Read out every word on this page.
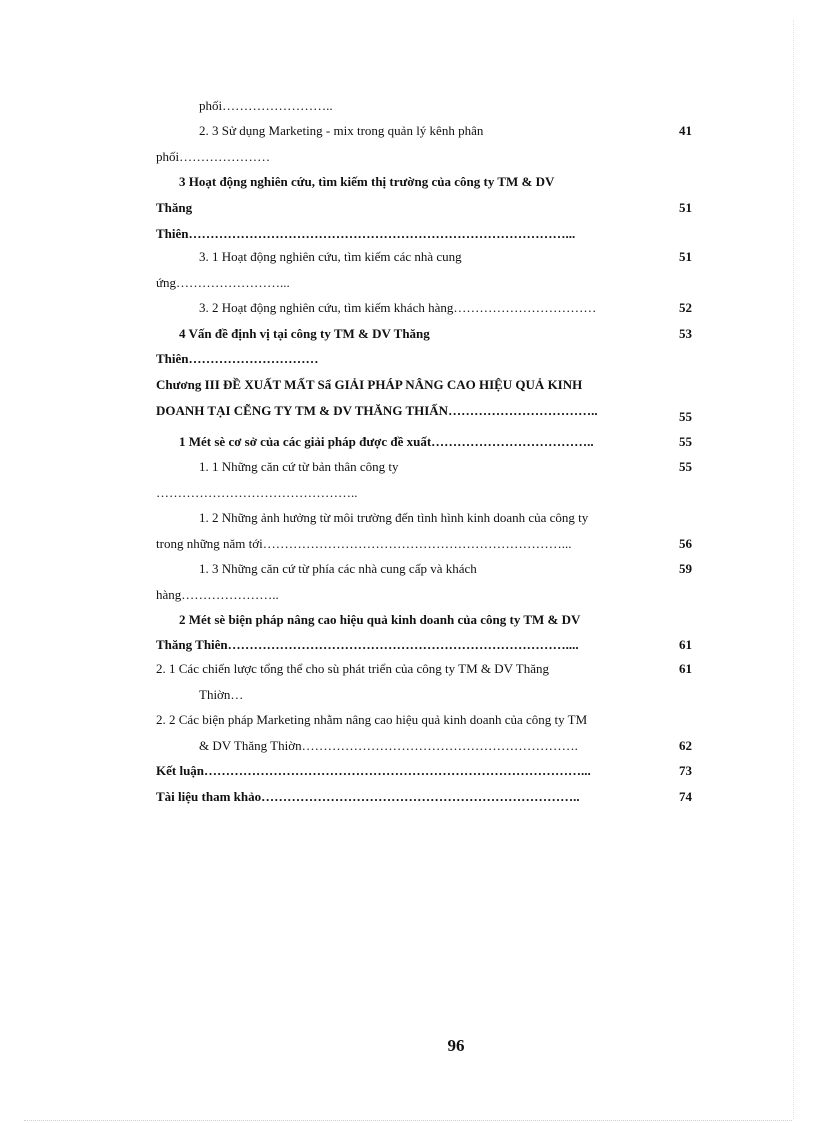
phối……………………..
2. 3 Sử dụng Marketing - mix trong quản lý kênh phân	41
phối…………………
3 Hoạt động nghiên cứu, tìm kiếm thị trường của công ty TM & DV
Thăng	51
Thiên……………………………………………………………………………...
3. 1 Hoạt động nghiên cứu, tìm kiếm các nhà cung	51
ứng……………………...
3. 2 Hoạt động nghiên cứu, tìm kiếm khách hàng……………………………	52
4 Vấn đề định vị tại công ty TM & DV Thăng	53
Thiên…………………………
Chương III ĐỀ XUẤT MẤT Sẩ GIẢI PHÁP NÂNG CAO HIỆU QUẢ KINH
DOANH TẠI CẼNG TY TM & DV THĂNG THIẤN……………………………..	55
1 Mét sè cơ sở của các giải pháp được đề xuất………………………………..	55
1. 1 Những căn cứ từ bản thân công ty	55
………………………………………..
1. 2 Những ảnh hưởng từ môi trường đến tình hình kinh doanh của công ty
trong những năm tới……………………………………………………………...	56
1. 3 Những căn cứ từ phía các nhà cung cấp và khách	59
hàng…………………..
2 Mét sè biện pháp nâng cao hiệu quả kinh doanh của công ty TM & DV
Thăng Thiên……………………………………………………………………....	61
2. 1 Các chiến lược tổng thể cho sù phát triển của công ty TM & DV Thăng	61
Thiờn…
2. 2 Các biện pháp Marketing nhằm nâng cao hiệu quả kinh doanh của công ty TM
& DV Thăng Thiờn……………………………………………………….	62
Kết luận……………………………………………………………………………...	73
Tài liệu tham khảo………………………………………………………………..	74
96
